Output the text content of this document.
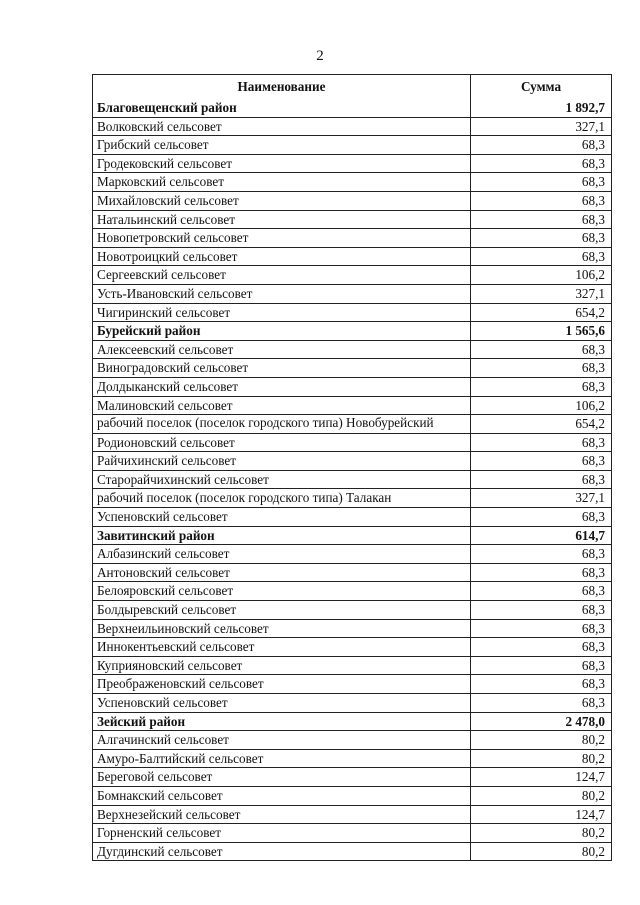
2
Наименование	Сумма
Благовещенский район	1 892,7
Волковский сельсовет	327,1
Грибский сельсовет	68,3
Гродековский сельсовет	68,3
Марковский сельсовет	68,3
Михайловский сельсовет	68,3
Натальинский сельсовет	68,3
Новопетровский сельсовет	68,3
Новотроицкий сельсовет	68,3
Сергеевский сельсовет	106,2
Усть-Ивановский сельсовет	327,1
Чигиринский сельсовет	654,2
Бурейский район	1 565,6
Алексеевский сельсовет	68,3
Виноградовский сельсовет	68,3
Долдыканский сельсовет	68,3
Малиновский сельсовет	106,2
рабочий поселок (поселок городского типа) Новобурейский	654,2
Родионовский сельсовет	68,3
Райчихинский сельсовет	68,3
Старорайчихинский сельсовет	68,3
рабочий поселок (поселок городского типа) Талакан	327,1
Успеновский сельсовет	68,3
Завитинский район	614,7
Албазинский сельсовет	68,3
Антоновский сельсовет	68,3
Белояровский сельсовет	68,3
Болдыревский сельсовет	68,3
Верхнеильиновский сельсовет	68,3
Иннокентьевский сельсовет	68,3
Куприяновский сельсовет	68,3
Преображеновский сельсовет	68,3
Успеновский сельсовет	68,3
Зейский район	2 478,0
Алгачинский сельсовет	80,2
Амуро-Балтийский сельсовет	80,2
Береговой сельсовет	124,7
Бомнакский сельсовет	80,2
Верхнезейский сельсовет	124,7
Горненский сельсовет	80,2
Дугдинский сельсовет	80,2
